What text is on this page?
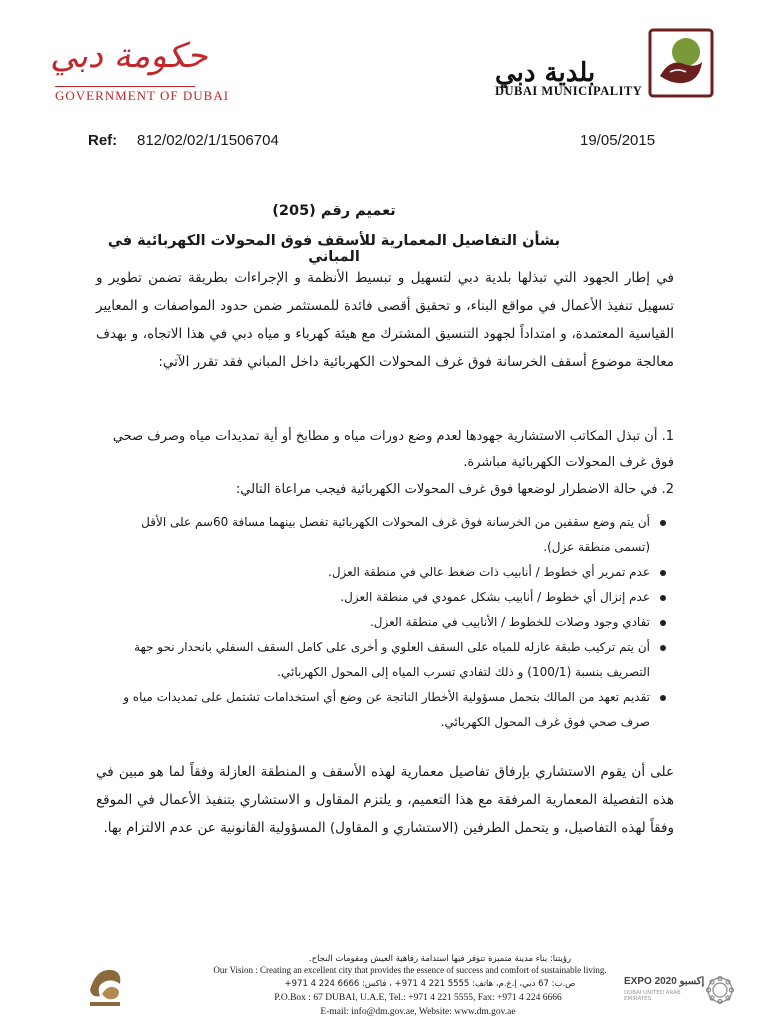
حكومة دبي
GOVERNMENT OF DUBAI
بلدية دبي
DUBAI MUNICIPALITY
Ref: 812/02/02/1/1506704	19/05/2015
تعميم رقم (205)
بشأن التفاصيل المعمارية للأسقف فوق المحولات الكهربائية في المباني
في إطار الجهود التي تبذلها بلدية دبي لتسهيل و تبسيط الأنظمة و الإجراءات بطريقة تضمن تطوير و تسهيل تنفيذ الأعمال في مواقع البناء، و تحقيق أقصى فائدة للمستثمر ضمن حدود المواصفات و المعايير القياسية المعتمدة، و امتداداً لجهود التنسيق المشترك مع هيئة كهرباء و مياه دبي في هذا الاتجاه، و بهدف معالجة موضوع أسقف الخرسانة فوق غرف المحولات الكهربائية داخل المباني فقد تقرر الآتي:
1. أن تبذل المكاتب الاستشارية جهودها لعدم وضع دورات مياه و مطابخ أو أية تمديدات مياه وصرف صحي فوق غرف المحولات الكهربائية مباشرة.
2. في حالة الاضطرار لوضعها فوق غرف المحولات الكهربائية فيجب مراعاة التالي:
أن يتم وضع سقفين من الخرسانة فوق غرف المحولات الكهربائية تفصل بينهما مسافة 60سم على الأقل (تسمى منطقة عزل).
عدم تمرير أي خطوط / أنابيب ذات ضغط عالي في منطقة العزل.
عدم إنزال أي خطوط / أنابيب بشكل عمودي في منطقة العزل.
تفادي وجود وصلات للخطوط / الأنابيب في منطقة العزل.
أن يتم تركيب طبقة عازله للمياه على السقف العلوي و أخرى على كامل السقف السفلي بانحدار نحو جهة التصريف بنسبة (100/1) و ذلك لتفادي تسرب المياه إلى المحول الكهربائي.
تقديم تعهد من المالك بتحمل مسؤولية الأخطار الناتجة عن وضع أي استخدامات تشتمل على تمديدات مياه و صرف صحي فوق غرف المحول الكهربائي.
على أن يقوم الاستشاري بإرفاق تفاصيل معمارية لهذه الأسقف و المنطقة العازلة وفقاً لما هو مبين في هذه التفصيلة المعمارية المرفقة مع هذا التعميم، و يلتزم المقاول و الاستشاري بتنفيذ الأعمال في الموقع وفقاً لهذه التفاصيل، و يتحمل الطرفين (الاستشاري و المقاول) المسؤولية القانونية عن عدم الالتزام بها.
رؤيتنا: بناء مدينة متميزة تتوفر فيها استدامة رفاهية العيش ومقومات النجاح.
Our Vision : Creating an excellent city that provides the essence of success and comfort of sustainable living.
ص.ب: 67 دبي، إ.ع.م، هاتف: 5555 221 4 971+ ، فاكس: 6666 224 4 971+
P.O.Box : 67 DUBAI, U.A.E, Tel.: +971 4 221 5555, Fax: +971 4 224 6666
E-mail: info@dm.gov.ae, Website: www.dm.gov.ae
EXPO 2020 إكسبو
DUBAI UNITED ARAB EMIRATES
